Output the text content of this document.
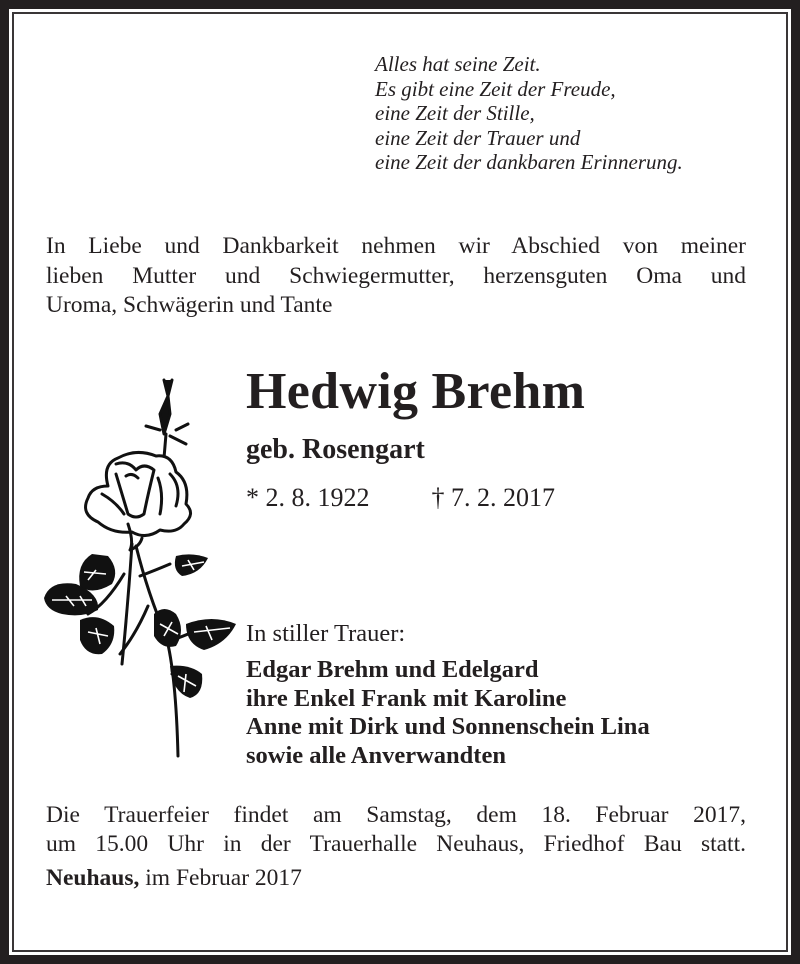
Alles hat seine Zeit.
Es gibt eine Zeit der Freude,
eine Zeit der Stille,
eine Zeit der Trauer und
eine Zeit der dankbaren Erinnerung.
In Liebe und Dankbarkeit nehmen wir Abschied von meiner
lieben Mutter und Schwiegermutter, herzensguten Oma und
Uroma, Schwägerin und Tante
Hedwig Brehm
geb. Rosengart
* 2. 8. 1922 † 7. 2. 2017
In stiller Trauer:
Edgar Brehm und Edelgard
ihre Enkel Frank mit Karoline
Anne mit Dirk und Sonnenschein Lina
sowie alle Anverwandten
Die Trauerfeier findet am Samstag, dem 18. Februar 2017,
um 15.00 Uhr in der Trauerhalle Neuhaus, Friedhof Bau statt.
Neuhaus, im Februar 2017
